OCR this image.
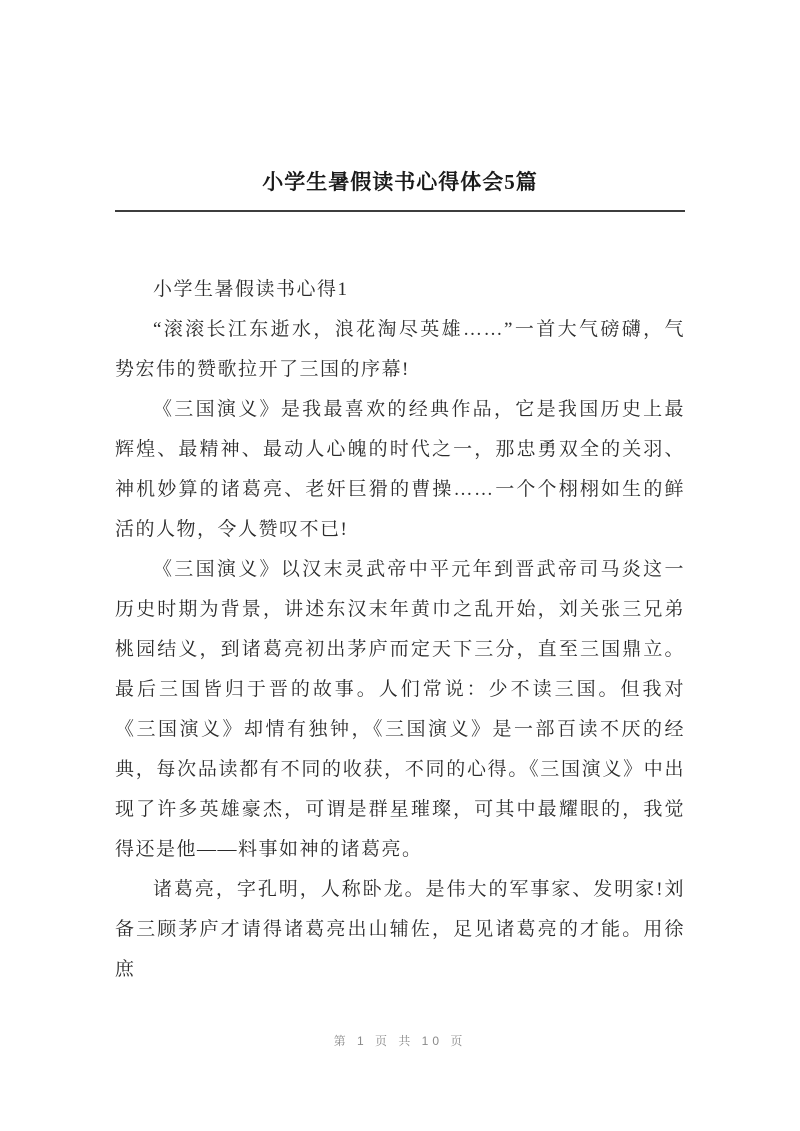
小学生暑假读书心得体会5篇

小学生暑假读书心得1

“滚滚长江东逝水，浪花淘尽英雄……”一首大气磅礴，气势宏伟的赞歌拉开了三国的序幕!

《三国演义》是我最喜欢的经典作品，它是我国历史上最辉煌、最精神、最动人心魄的时代之一，那忠勇双全的关羽、神机妙算的诸葛亮、老奸巨猾的曹操……一个个栩栩如生的鲜活的人物，令人赞叹不已!

《三国演义》以汉末灵武帝中平元年到晋武帝司马炎这一历史时期为背景，讲述东汉末年黄巾之乱开始，刘关张三兄弟桃园结义，到诸葛亮初出茅庐而定天下三分，直至三国鼎立。最后三国皆归于晋的故事。人们常说：少不读三国。但我对《三国演义》却情有独钟，《三国演义》是一部百读不厌的经典，每次品读都有不同的收获，不同的心得。《三国演义》中出现了许多英雄豪杰，可谓是群星璀璨，可其中最耀眼的，我觉得还是他——料事如神的诸葛亮。

诸葛亮，字孔明，人称卧龙。是伟大的军事家、发明家!刘备三顾茅庐才请得诸葛亮出山辅佐，足见诸葛亮的才能。用徐庶

第 1 页 共 10 页
